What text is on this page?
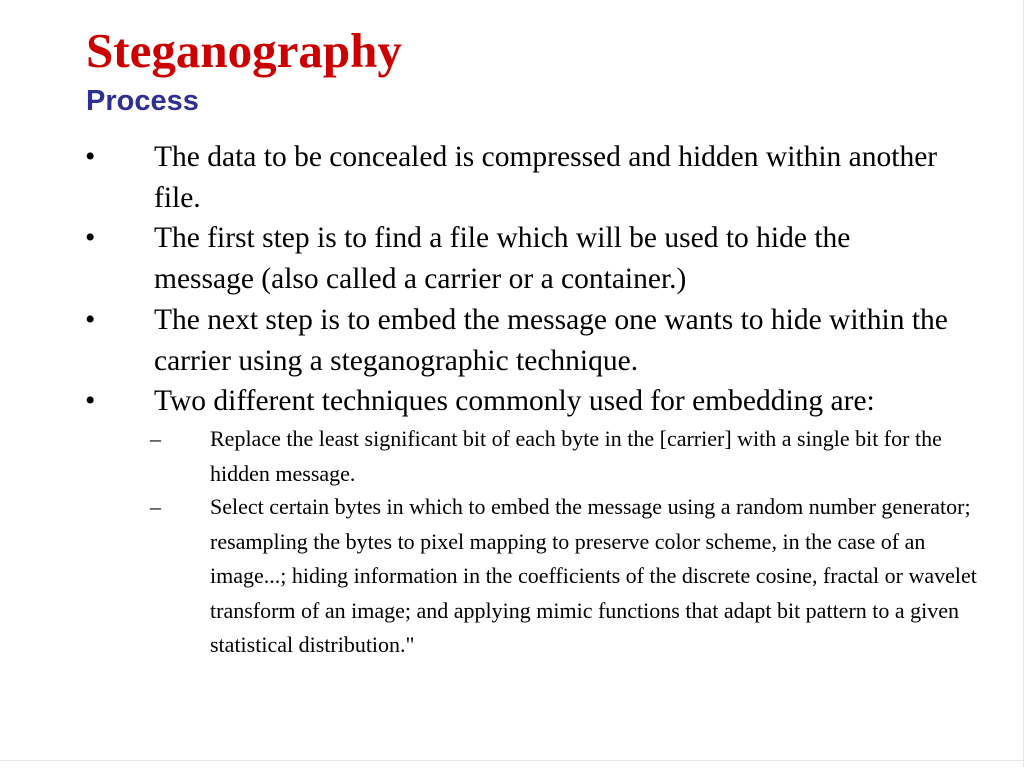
Steganography
Process
• The data to be concealed is compressed and hidden within another file.
• The first step is to find a file which will be used to hide the message (also called a carrier or a container.)
• The next step is to embed the message one wants to hide within the carrier using a steganographic technique.
• Two different techniques commonly used for embedding are:
– Replace the least significant bit of each byte in the [carrier] with a single bit for the hidden message.
– Select certain bytes in which to embed the message using a random number generator; resampling the bytes to pixel mapping to preserve color scheme, in the case of an image...; hiding information in the coefficients of the discrete cosine, fractal or wavelet transform of an image; and applying mimic functions that adapt bit pattern to a given statistical distribution."
